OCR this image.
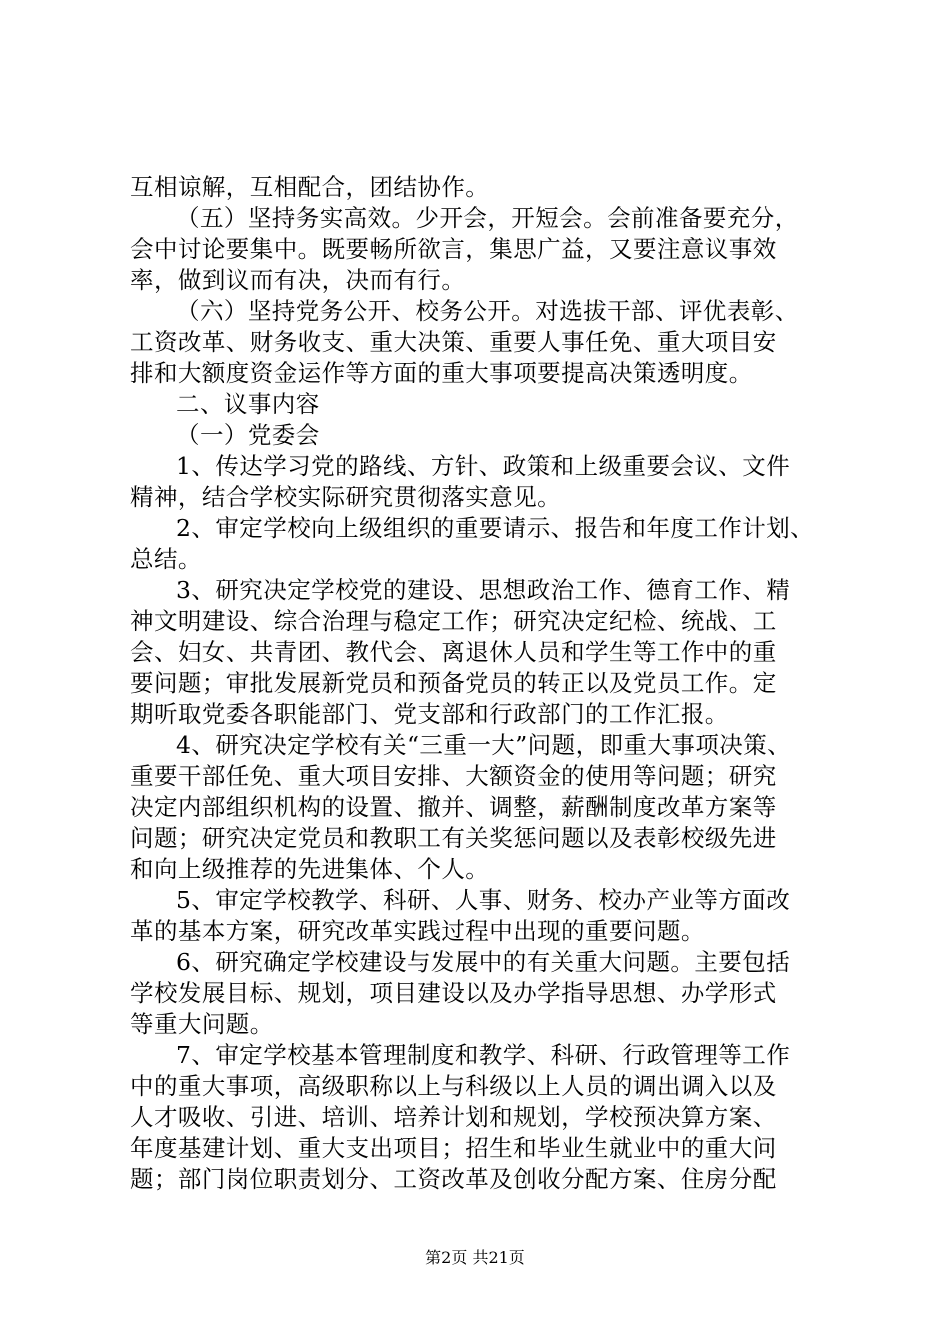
互相谅解，互相配合，团结协作。
（五）坚持务实高效。少开会，开短会。会前准备要充分，
会中讨论要集中。既要畅所欲言，集思广益，又要注意议事效
率，做到议而有决，决而有行。
（六）坚持党务公开、校务公开。对选拔干部、评优表彰、
工资改革、财务收支、重大决策、重要人事任免、重大项目安
排和大额度资金运作等方面的重大事项要提高决策透明度。
二、议事内容
（一）党委会
1、传达学习党的路线、方针、政策和上级重要会议、文件
精神，结合学校实际研究贯彻落实意见。
2、审定学校向上级组织的重要请示、报告和年度工作计划、
总结。
3、研究决定学校党的建设、思想政治工作、德育工作、精
神文明建设、综合治理与稳定工作；研究决定纪检、统战、工
会、妇女、共青团、教代会、离退休人员和学生等工作中的重
要问题；审批发展新党员和预备党员的转正以及党员工作。定
期听取党委各职能部门、党支部和行政部门的工作汇报。
4、研究决定学校有关“三重一大”问题，即重大事项决策、
重要干部任免、重大项目安排、大额资金的使用等问题；研究
决定内部组织机构的设置、撤并、调整，薪酬制度改革方案等
问题；研究决定党员和教职工有关奖惩问题以及表彰校级先进
和向上级推荐的先进集体、个人。
5、审定学校教学、科研、人事、财务、校办产业等方面改
革的基本方案，研究改革实践过程中出现的重要问题。
6、研究确定学校建设与发展中的有关重大问题。主要包括
学校发展目标、规划，项目建设以及办学指导思想、办学形式
等重大问题。
7、审定学校基本管理制度和教学、科研、行政管理等工作
中的重大事项，高级职称以上与科级以上人员的调出调入以及
人才吸收、引进、培训、培养计划和规划，学校预决算方案、
年度基建计划、重大支出项目；招生和毕业生就业中的重大问
题；部门岗位职责划分、工资改革及创收分配方案、住房分配
第2页 共21页
